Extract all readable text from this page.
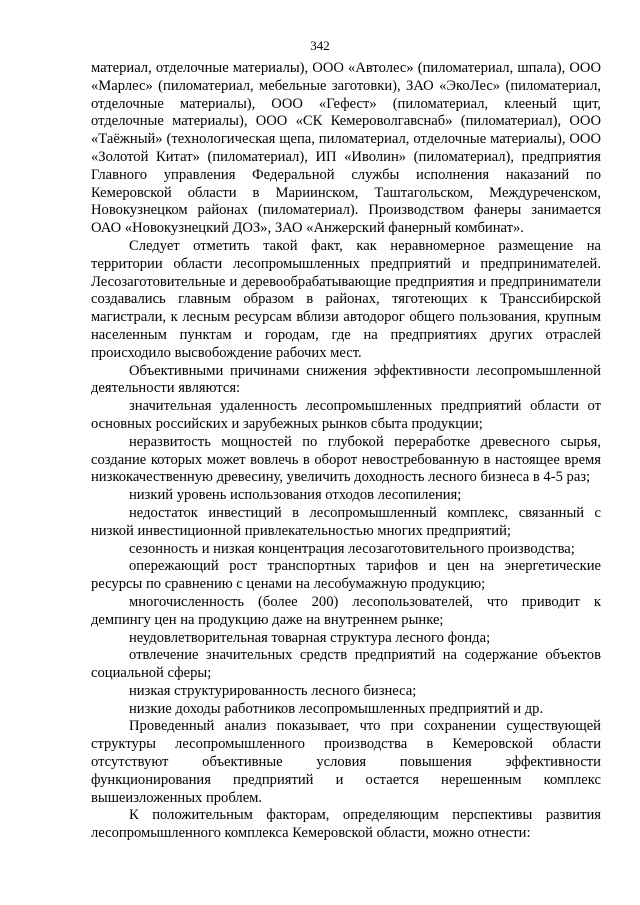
342

материал, отделочные материалы), ООО «Автолес» (пиломатериал, шпала), ООО «Марлес» (пиломатериал, мебельные заготовки), ЗАО «ЭкоЛес» (пиломатериал, отделочные материалы), ООО «Гефест» (пиломатериал, клееный щит, отделочные материалы), ООО «СК Кемероволгавснаб» (пиломатериал), ООО «Таёжный» (технологическая щепа, пиломатериал, отделочные материалы), ООО «Золотой Китат» (пиломатериал), ИП «Иволин» (пиломатериал), предприятия Главного управления Федеральной службы исполнения наказаний по Кемеровской области в Мариинском, Таштагольском, Междуреченском, Новокузнецком районах (пиломатериал). Производством фанеры занимается ОАО «Новокузнецкий ДОЗ», ЗАО «Анжерский фанерный комбинат».

Следует отметить такой факт, как неравномерное размещение на территории области лесопромышленных предприятий и предпринимателей. Лесозаготовительные и деревообрабатывающие предприятия и предприниматели создавались главным образом в районах, тяготеющих к Транссибирской магистрали, к лесным ресурсам вблизи автодорог общего пользования, крупным населенным пунктам и городам, где на предприятиях других отраслей происходило высвобождение рабочих мест.

Объективными причинами снижения эффективности лесопромышленной деятельности являются:

значительная удаленность лесопромышленных предприятий области от основных российских и зарубежных рынков сбыта продукции;

неразвитость мощностей по глубокой переработке древесного сырья, создание которых может вовлечь в оборот невостребованную в настоящее время низкокачественную древесину, увеличить доходность лесного бизнеса в 4-5 раз;

низкий уровень использования отходов лесопиления;

недостаток инвестиций в лесопромышленный комплекс, связанный с низкой инвестиционной привлекательностью многих предприятий;

сезонность и низкая концентрация лесозаготовительного производства;

опережающий рост транспортных тарифов и цен на энергетические ресурсы по сравнению с ценами на лесобумажную продукцию;

многочисленность (более 200) лесопользователей, что приводит к демпингу цен на продукцию даже на внутреннем рынке;

неудовлетворительная товарная структура лесного фонда;

отвлечение значительных средств предприятий на содержание объектов социальной сферы;

низкая структурированность лесного бизнеса;

низкие доходы работников лесопромышленных предприятий и др.

Проведенный анализ показывает, что при сохранении существующей структуры лесопромышленного производства в Кемеровской области отсутствуют объективные условия повышения эффективности функционирования предприятий и остается нерешенным комплекс вышеизложенных проблем.

К положительным факторам, определяющим перспективы развития лесопромышленного комплекса Кемеровской области, можно отнести:
